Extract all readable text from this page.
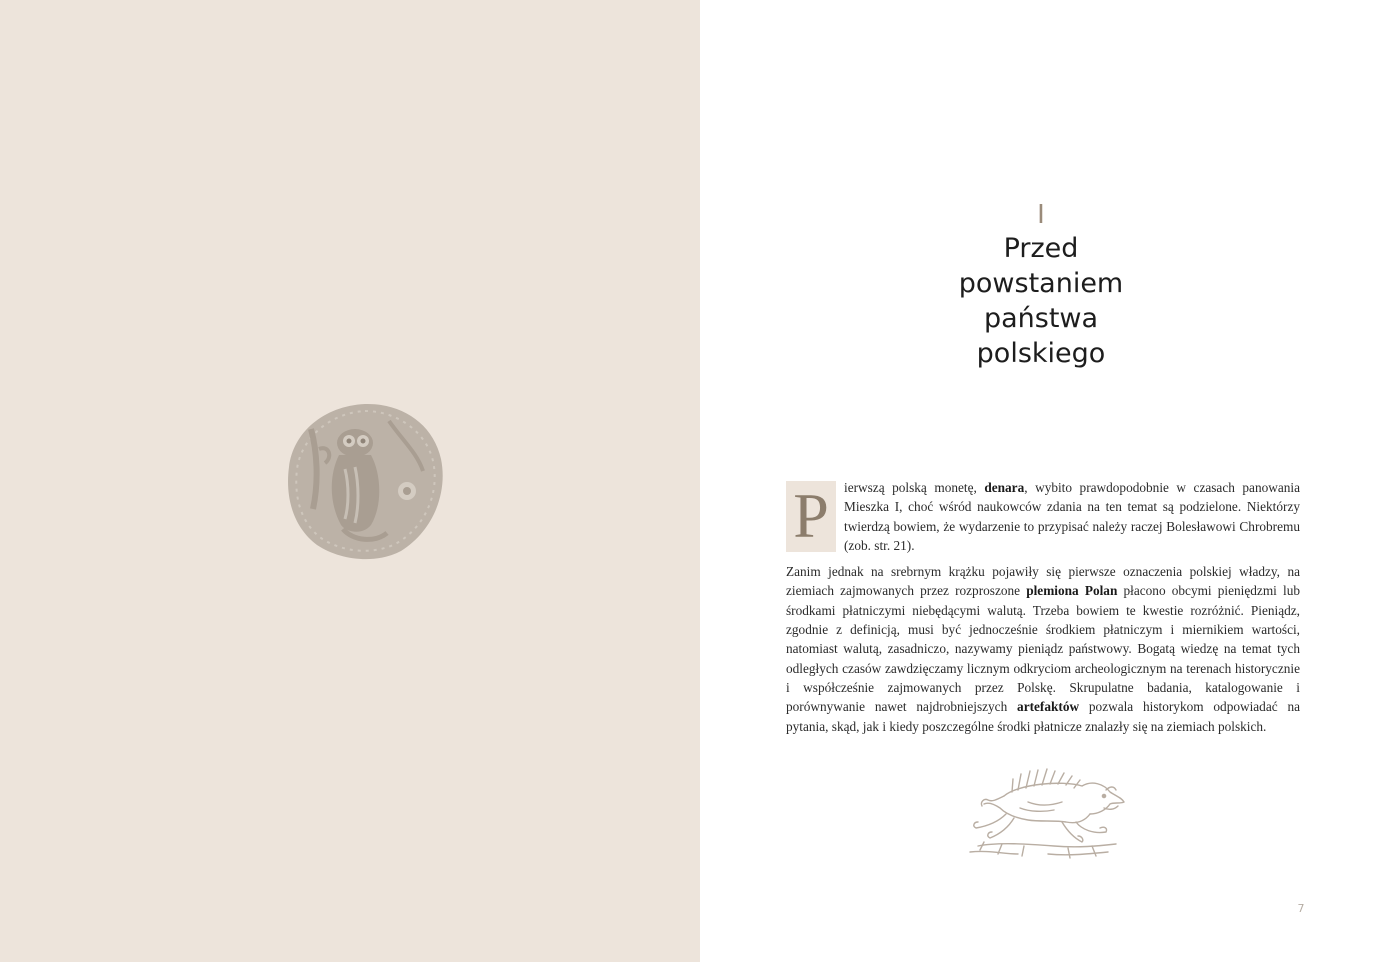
I
Przed
powstaniem
państwa
polskiego

P	ierwszą polską monetę, denara, wybito prawdopodobnie w czasach panowania Mieszka I, choć wśród naukowców zdania na ten temat są podzielone. Niektórzy twierdzą bowiem, że wydarzenie to przypisać należy raczej Bolesławowi Chrobremu (zob. str. 21).

Zanim jednak na srebrnym krążku pojawiły się pierwsze oznaczenia polskiej władzy, na ziemiach zajmowanych przez rozproszone plemiona Polan płacono obcymi pieniędzmi lub środkami płatniczymi niebędącymi walutą. Trzeba bowiem te kwestie rozróżnić. Pieniądz, zgodnie z definicją, musi być jednocześnie środkiem płatniczym i miernikiem wartości, natomiast walutą, zasadniczo, nazywamy pieniądz państwowy. Bogatą wiedzę na temat tych odległych czasów zawdzięczamy licznym odkryciom archeologicznym na terenach historycznie i współcześnie zajmowanych przez Polskę. Skrupulatne badania, katalogowanie i porównywanie nawet najdrobniejszych artefaktów pozwala historykom odpowiadać na pytania, skąd, jak i kiedy poszczególne środki płatnicze znalazły się na ziemiach polskich.

7
